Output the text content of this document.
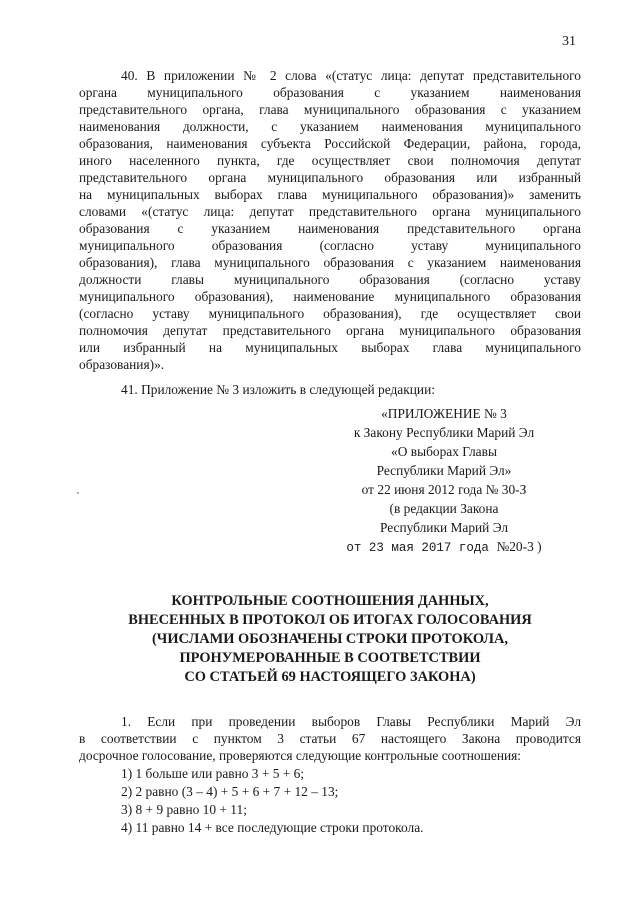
31

40. В приложении № 2 слова «(статус лица: депутат представительного

органа муниципального образования с указанием наименования

представительного органа, глава муниципального образования с указанием

наименования должности, с указанием наименования муниципального

образования, наименования субъекта Российской Федерации, района, города,

иного населенного пункта, где осуществляет свои полномочия депутат

представительного органа муниципального образования или избранный

на муниципальных выборах глава муниципального образования)» заменить

словами «(статус лица: депутат представительного органа муниципального

образования с указанием наименования представительного органа

муниципального образования (согласно уставу муниципального

образования), глава муниципального образования с указанием наименования

должности главы муниципального образования (согласно уставу

муниципального образования), наименование муниципального образования

(согласно уставу муниципального образования), где осуществляет свои

полномочия депутат представительного органа муниципального образования

или избранный на муниципальных выборах глава муниципального

образования)».

41. Приложение № 3 изложить в следующей редакции:

«ПРИЛОЖЕНИЕ № 3
к Закону Республики Марий Эл
«О выборах Главы
Республики Марий Эл»
от 22 июня 2012 года № 30-З
(в редакции Закона
Республики Марий Эл
от 23 мая 2017 года №20-3 )
КОНТРОЛЬНЫЕ СООТНОШЕНИЯ ДАННЫХ,
ВНЕСЕННЫХ В ПРОТОКОЛ ОБ ИТОГАХ ГОЛОСОВАНИЯ
(ЧИСЛАМИ ОБОЗНАЧЕНЫ СТРОКИ ПРОТОКОЛА,
ПРОНУМЕРОВАННЫЕ В СООТВЕТСТВИИ
СО СТАТЬЕЙ 69 НАСТОЯЩЕГО ЗАКОНА)

1. Если при проведении выборов Главы Республики Марий Эл

в соответствии с пунктом 3 статьи 67 настоящего Закона проводится

досрочное голосование, проверяются следующие контрольные соотношения:

1) 1 больше или равно 3 + 5 + 6;

2) 2 равно (3 – 4) + 5 + 6 + 7 + 12 – 13;

3) 8 + 9 равно 10 + 11;

4) 11 равно 14 + все последующие строки протокола.
